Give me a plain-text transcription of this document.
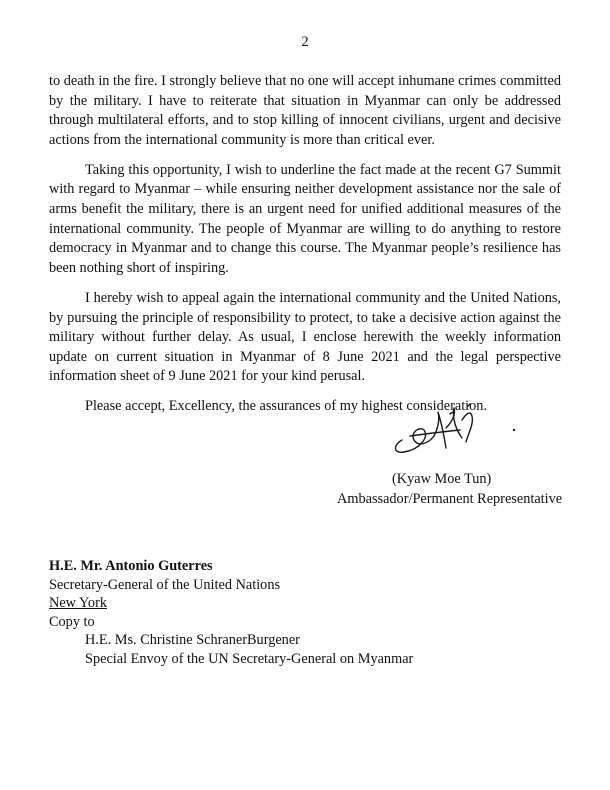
2

to death in the fire. I strongly believe that no one will accept inhumane crimes committed by the military. I have to reiterate that situation in Myanmar can only be addressed through multilateral efforts, and to stop killing of innocent civilians, urgent and decisive actions from the international community is more than critical ever.

Taking this opportunity, I wish to underline the fact made at the recent G7 Summit with regard to Myanmar – while ensuring neither development assistance nor the sale of arms benefit the military, there is an urgent need for unified additional measures of the international community. The people of Myanmar are willing to do anything to restore democracy in Myanmar and to change this course. The Myanmar people’s resilience has been nothing short of inspiring.

I hereby wish to appeal again the international community and the United Nations, by pursuing the principle of responsibility to protect, to take a decisive action against the military without further delay. As usual, I enclose herewith the weekly information update on current situation in Myanmar of 8 June 2021 and the legal perspective information sheet of 9 June 2021 for your kind perusal.

Please accept, Excellency, the assurances of my highest consideration.

(Kyaw Moe Tun)
Ambassador/Permanent Representative
H.E. Mr. Antonio Guterres
Secretary-General of the United Nations
New York
Copy to
H.E. Ms. Christine SchranerBurgener
Special Envoy of the UN Secretary-General on Myanmar
